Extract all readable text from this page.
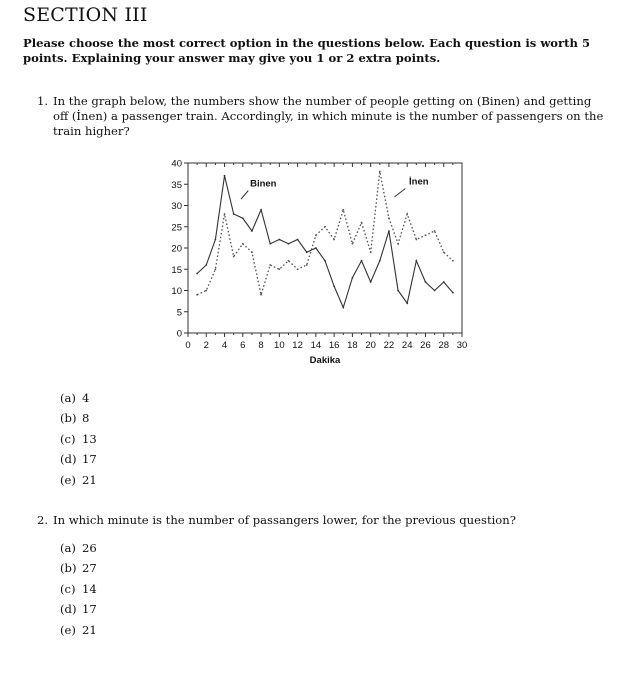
SECTION III

Please choose the most correct option in the questions below. Each question is worth 5 points. Explaining your answer may give you 1 or 2 extra points.

1. In the graph below, the numbers show the number of people getting on (Binen) and getting off (İnen) a passenger train. Accordingly, in which minute is the number of passengers on the train higher?
0
5
10
15
20
25
30
35
40
0 2 4 6 8 10 12 14 16 18 20 22 24 26 28 30
Dakika
Binen	İnen
(a) 4
(b) 8
(c) 13
(d) 17
(e) 21
2. In which minute is the number of passangers lower, for the previous question?
(a) 26
(b) 27
(c) 14
(d) 17
(e) 21
